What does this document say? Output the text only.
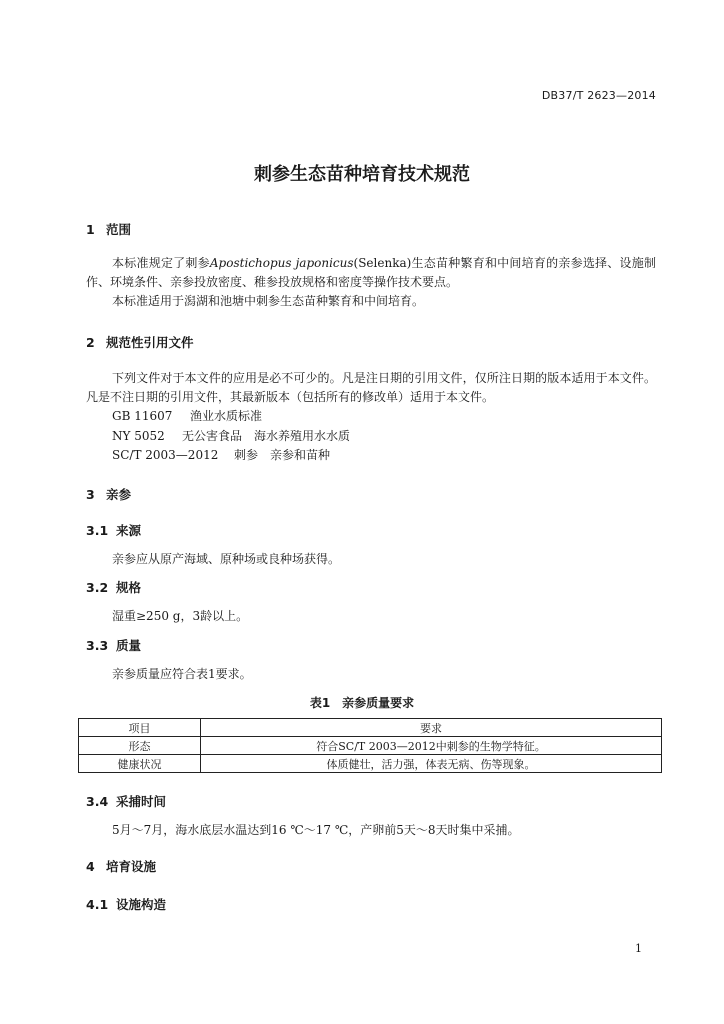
DB37/T 2623—2014
刺参生态苗种培育技术规范
1 范围

本标准规定了刺参Apostichopus japonicus(Selenka)生态苗种繁育和中间培育的亲参选择、设施制作、环境条件、亲参投放密度、稚参投放规格和密度等操作技术要点。

本标准适用于潟湖和池塘中刺参生态苗种繁育和中间培育。

2 规范性引用文件

下列文件对于本文件的应用是必不可少的。凡是注日期的引用文件，仅所注日期的版本适用于本文件。凡是不注日期的引用文件，其最新版本（包括所有的修改单）适用于本文件。

GB 11607 渔业水质标准
NY 5052 无公害食品　海水养殖用水水质
SC/T 2003—2012 刺参　亲参和苗种
3 亲参
3.1 来源
亲参应从原产海域、原种场或良种场获得。
3.2 规格
湿重≥250 g，3龄以上。
3.3 质量
亲参质量应符合表1要求。
表1　亲参质量要求
项目	要求
形态	符合SC/T 2003—2012中刺参的生物学特征。
健康状况	体质健壮，活力强，体表无病、伤等现象。
3.4 采捕时间
5月～7月，海水底层水温达到16 ℃～17 ℃，产卵前5天～8天时集中采捕。
4 培育设施
4.1 设施构造
1
